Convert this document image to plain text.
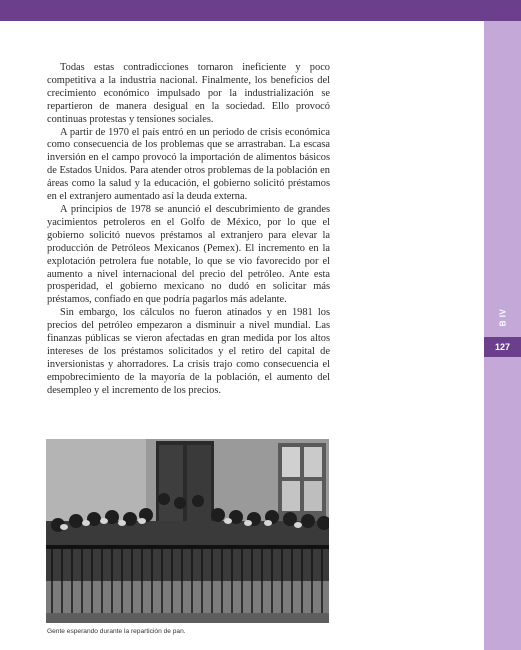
B IV
127

Todas estas contradicciones tornaron ineficiente y poco competitiva a la industria nacional. Finalmente, los beneficios del crecimiento económico impulsado por la industrialización se repartieron de manera desigual en la sociedad. Ello provocó continuas protestas y tensiones sociales.

A partir de 1970 el país entró en un periodo de crisis económica como consecuencia de los problemas que se arrastraban. La escasa inversión en el campo provocó la importación de alimentos básicos de Estados Unidos. Para atender otros problemas de la población en áreas como la salud y la educación, el gobierno solicitó préstamos en el extranjero aumentado así la deuda externa.

A principios de 1978 se anunció el descubrimiento de grandes yacimientos petroleros en el Golfo de México, por lo que el gobierno solicitó nuevos préstamos al extranjero para elevar la producción de Petróleos Mexicanos (Pemex). El incremento en la explotación petrolera fue notable, lo que se vio favorecido por el aumento a nivel internacional del precio del petróleo. Ante esta prosperidad, el gobierno mexicano no dudó en solicitar más préstamos, confiado en que podría pagarlos más adelante.

Sin embargo, los cálculos no fueron atinados y en 1981 los precios del petróleo empezaron a disminuir a nivel mundial. Las finanzas públicas se vieron afectadas en gran medida por los altos intereses de los préstamos solicitados y el retiro del capital de inversionistas y ahorradores. La crisis trajo como consecuencia el empobrecimiento de la mayoría de la población, el aumento del desempleo y el incremento de los precios.

Gente esperando durante la repartición de pan.
